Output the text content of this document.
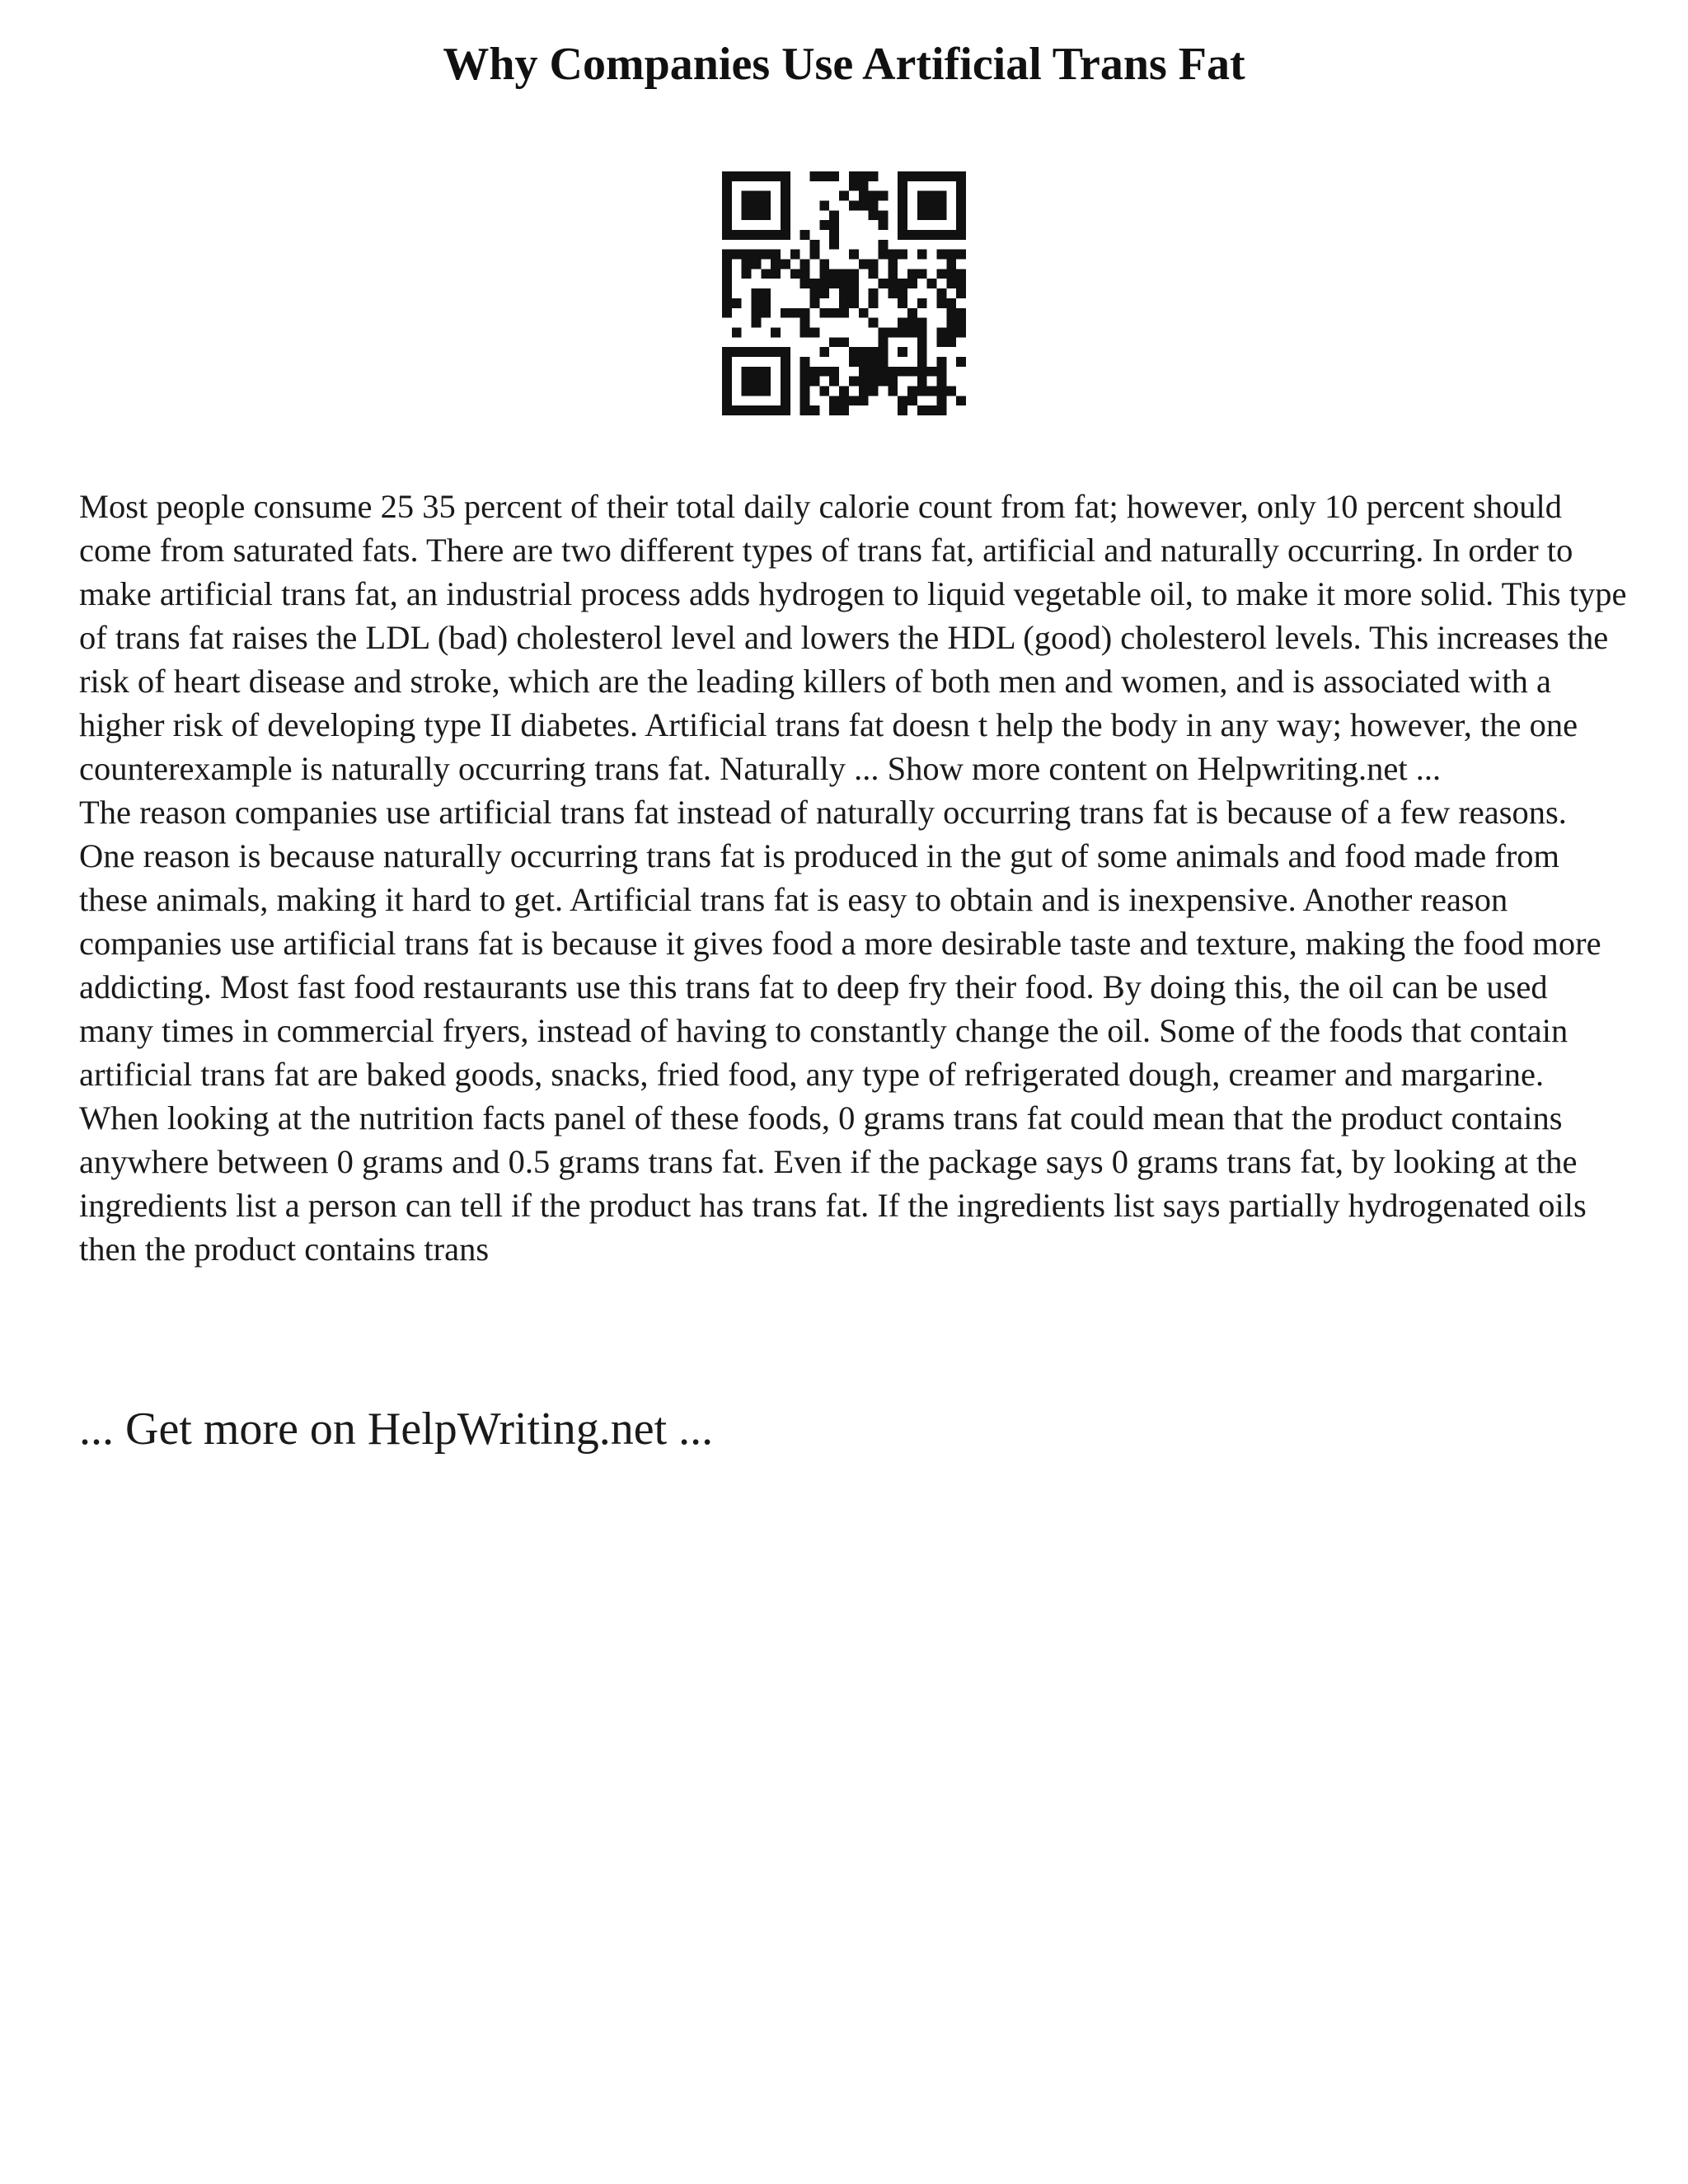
Why Companies Use Artificial Trans Fat

Most people consume 25 35 percent of their total daily calorie count from fat; however, only 10 percent should come from saturated fats. There are two different types of trans fat, artificial and naturally occurring. In order to make artificial trans fat, an industrial process adds hydrogen to liquid vegetable oil, to make it more solid. This type of trans fat raises the LDL (bad) cholesterol level and lowers the HDL (good) cholesterol levels. This increases the risk of heart disease and stroke, which are the leading killers of both men and women, and is associated with a higher risk of developing type II diabetes. Artificial trans fat doesn t help the body in any way; however, the one counterexample is naturally occurring trans fat. Naturally ... Show more content on Helpwriting.net ...

The reason companies use artificial trans fat instead of naturally occurring trans fat is because of a few reasons. One reason is because naturally occurring trans fat is produced in the gut of some animals and food made from these animals, making it hard to get. Artificial trans fat is easy to obtain and is inexpensive. Another reason companies use artificial trans fat is because it gives food a more desirable taste and texture, making the food more addicting. Most fast food restaurants use this trans fat to deep fry their food. By doing this, the oil can be used many times in commercial fryers, instead of having to constantly change the oil. Some of the foods that contain artificial trans fat are baked goods, snacks, fried food, any type of refrigerated dough, creamer and margarine. When looking at the nutrition facts panel of these foods, 0 grams trans fat could mean that the product contains anywhere between 0 grams and 0.5 grams trans fat. Even if the package says 0 grams trans fat, by looking at the ingredients list a person can tell if the product has trans fat. If the ingredients list says partially hydrogenated oils then the product contains trans

... Get more on HelpWriting.net ...
